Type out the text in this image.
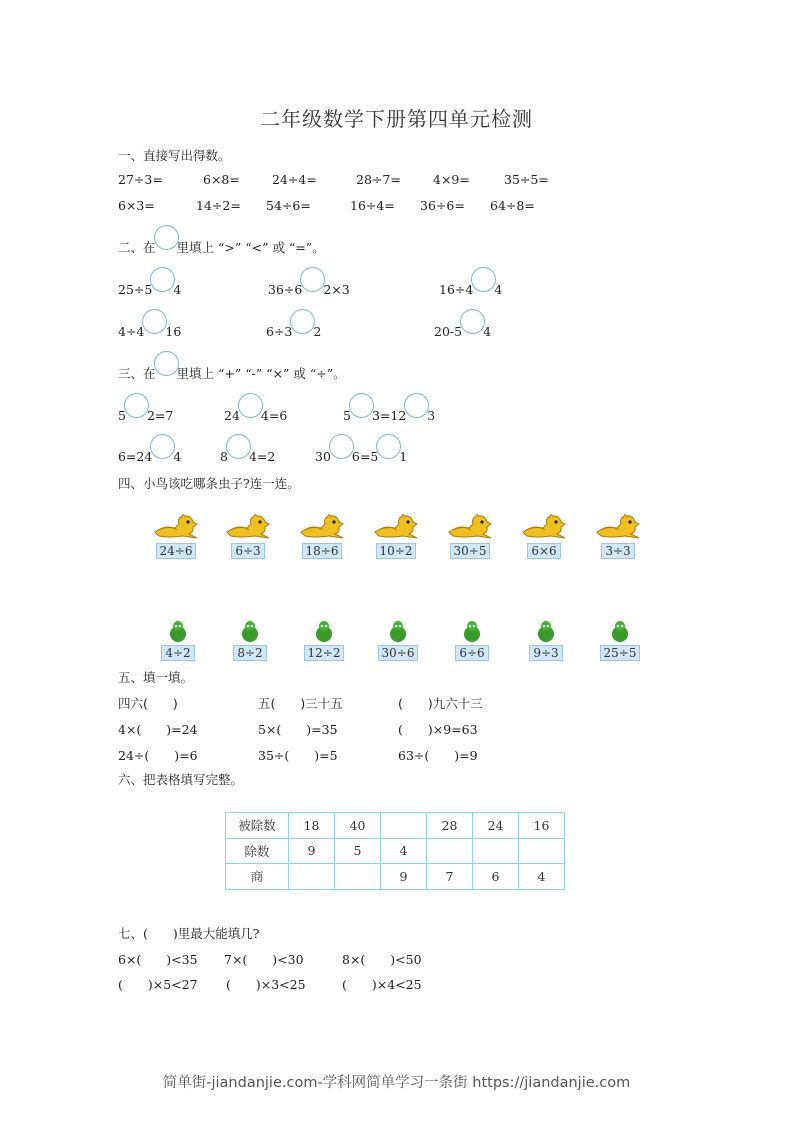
二年级数学下册第四单元检测
一、直接写出得数。
27÷3=	6×8=	24÷4=	28÷7=	4×9=	35÷5=
6×3=	14÷2= 54÷6=	16÷4= 36÷6= 64÷8=
二、在 里填上 “>” “<” 或 “=”。
25÷5 4	36÷6 2×3	16÷4 4
4÷4 16	6÷3 2	20-5 4
三、在 里填上 “+” “-” “×” 或 “÷”。
5 2=7	24 4=6	5 3=12 3
6=24 4	8 4=2	30 6=5 1
四、小鸟该吃哪条虫子?连一连。
24÷6	6÷3	18÷6	10÷2	30÷5	6×6	3÷3
4÷2	8÷2	12÷2	30÷6	6÷6	9÷3	25÷5
五、填一填。
四六(　　)	五(　　)三十五	(　　)九六十三
4×(　　)=24	5×(　　)=35	(　　)×9=63
24÷(　　)=6	35÷(　　)=5	63÷(　　)=9
六、把表格填写完整。
被除数	18	40		28	24	16
除数	9	5	4			
商			9	7	6	4
七、(　　)里最大能填几?
6×(　　)<35 7×(　　)<30	8×(　　)<50
(　　)×5<27 (　　)×3<25	(　　)×4<25
简单街-jiandanjie.com-学科网简单学习一条街 https://jiandanjie.com
